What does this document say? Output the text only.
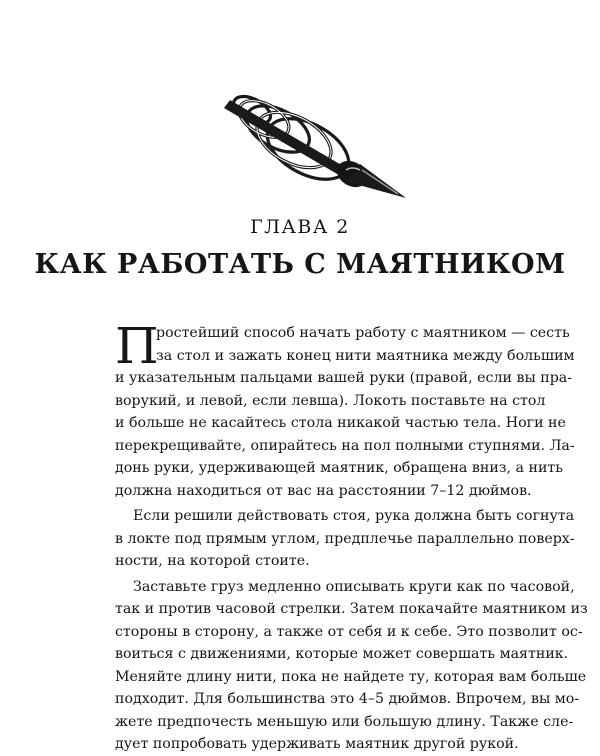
ГЛАВА 2
КАК РАБОТАТЬ С МАЯТНИКОМ
П
ростейший способ начать работу с маятником — сесть
за стол и зажать конец нити маятника между большим
и указательным пальцами вашей руки (правой, если вы пра-
ворукий, и левой, если левша). Локоть поставьте на стол
и больше не касайтесь стола никакой частью тела. Ноги не
перекрещивайте, опирайтесь на пол полными ступнями. Ла-
донь руки, удерживающей маятник, обращена вниз, а нить
должна находиться от вас на расстоянии 7–12 дюймов.
Если решили действовать стоя, рука должна быть согнута
в локте под прямым углом, предплечье параллельно поверх-
ности, на которой стоите.
Заставьте груз медленно описывать круги как по часовой,
так и против часовой стрелки. Затем покачайте маятником из
стороны в сторону, а также от себя и к себе. Это позволит ос-
воиться с движениями, которые может совершать маятник.
Меняйте длину нити, пока не найдете ту, которая вам больше
подходит. Для большинства это 4–5 дюймов. Впрочем, вы мо-
жете предпочесть меньшую или большую длину. Также сле-
дует попробовать удерживать маятник другой рукой.
